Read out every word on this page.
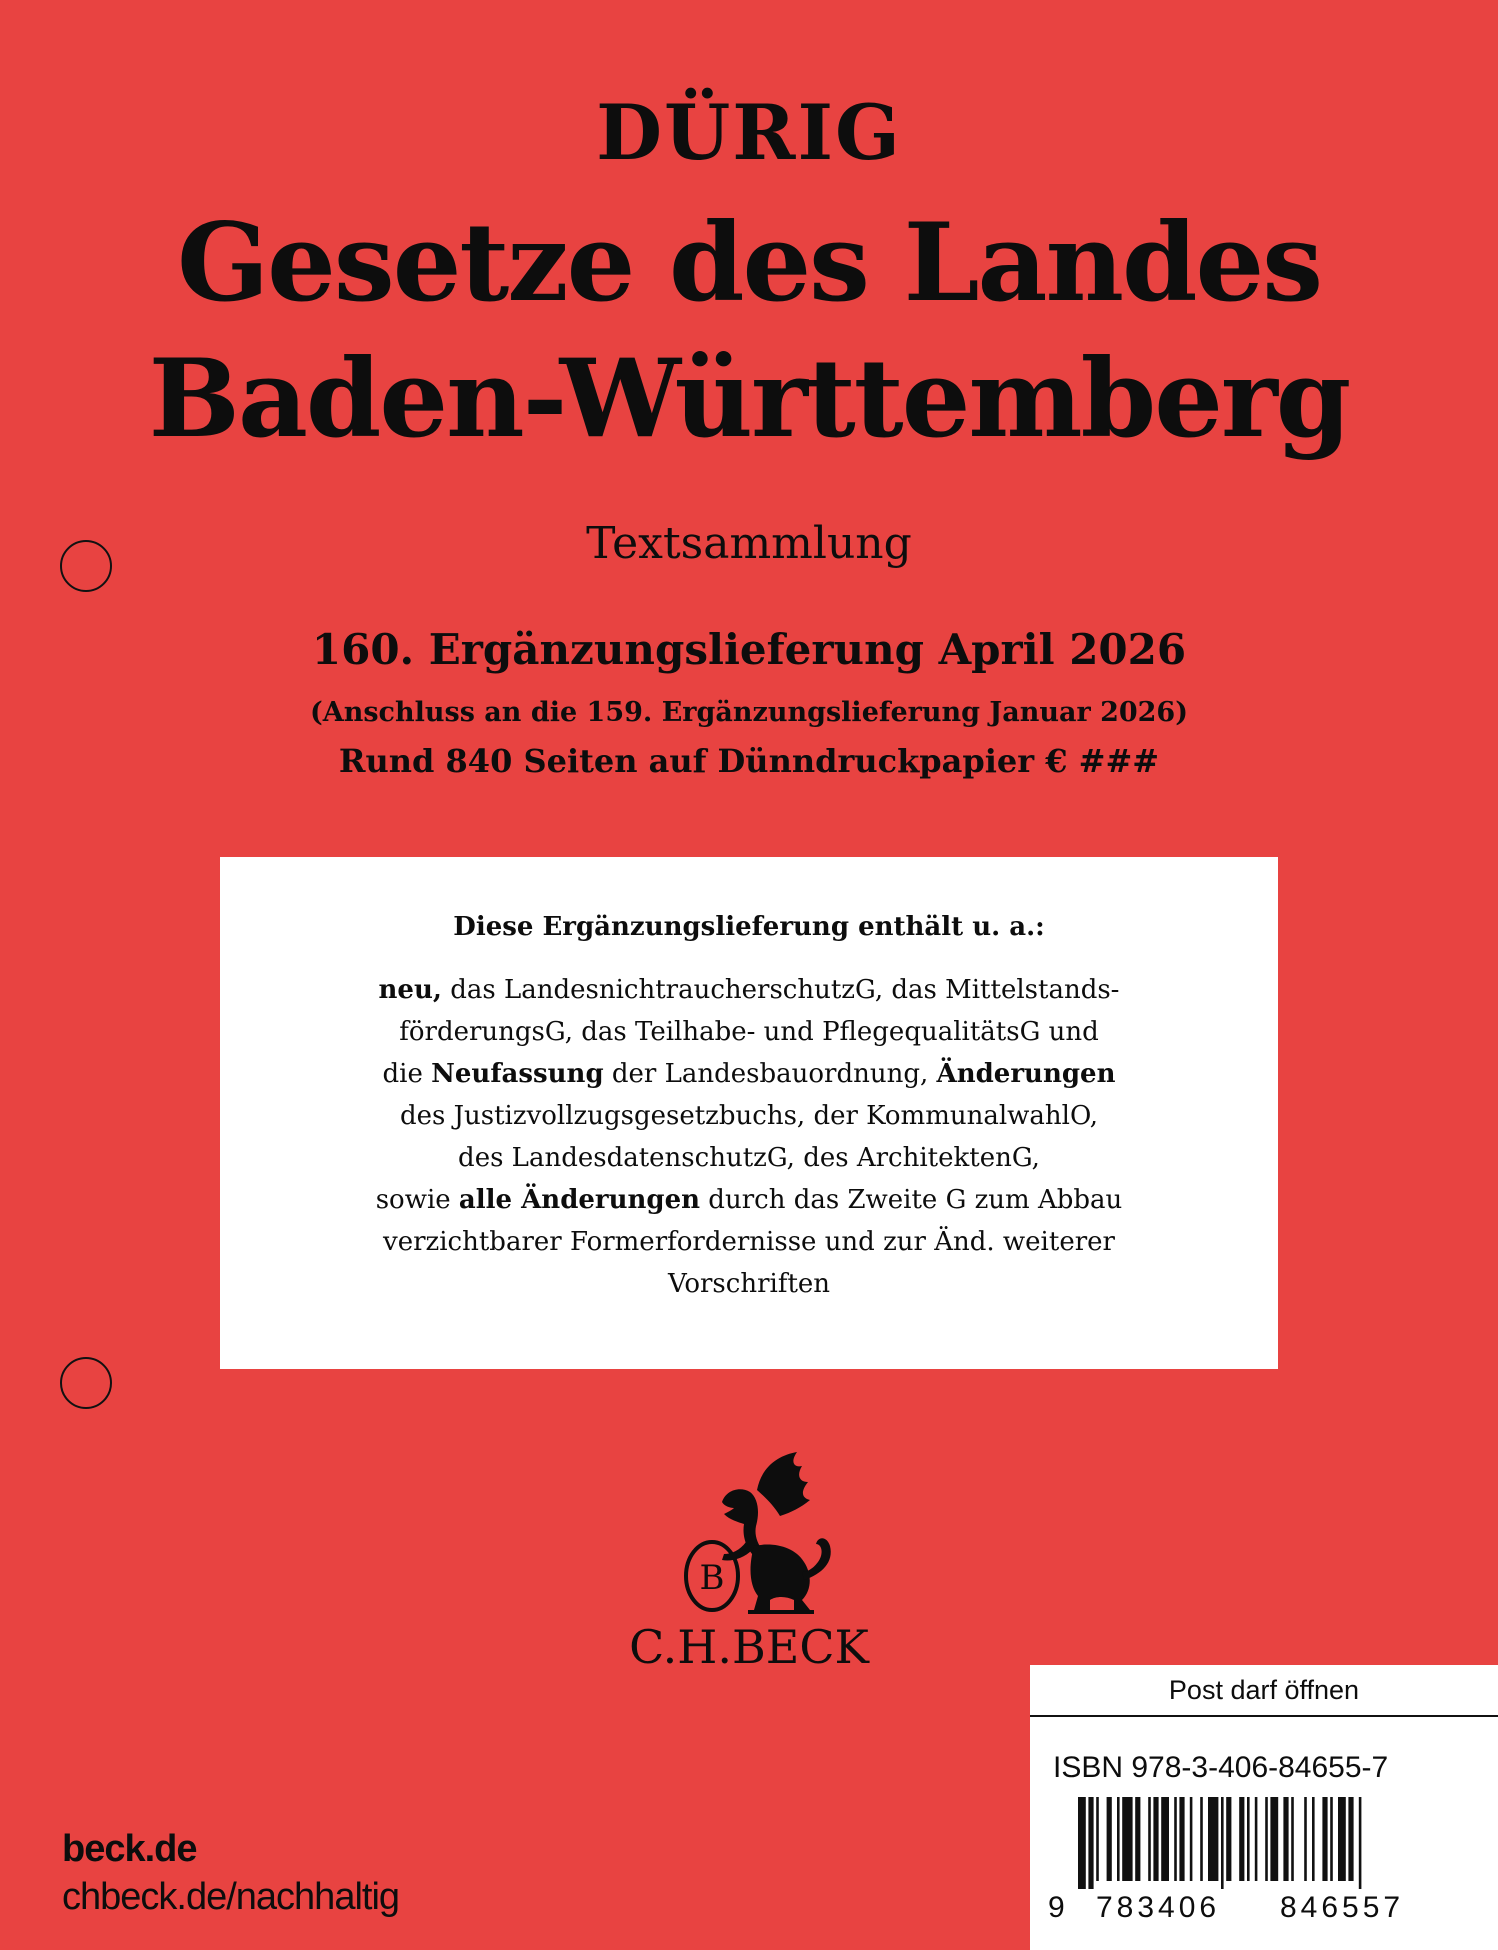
DÜRIG
Gesetze des Landes
Baden-Württemberg
Textsammlung
160. Ergänzungslieferung April 2026
(Anschluss an die 159. Ergänzungslieferung Januar 2026)
Rund 840 Seiten auf Dünndruckpapier € ###
Diese Ergänzungslieferung enthält u. a.:
neu, das LandesnichtraucherschutzG, das Mittelstands-
förderungsG, das Teilhabe- und PflegequalitätsG und
die Neufassung der Landesbauordnung, Änderungen
des Justizvollzugsgesetzbuchs, der KommunalwahlO,
des LandesdatenschutzG, des ArchitektenG,
sowie alle Änderungen durch das Zweite G zum Abbau
verzichtbarer Formerfordernisse und zur Änd. weiterer
Vorschriften
B
C.H.BECK
beck.de
chbeck.de/nachhaltig
Post darf öffnen
ISBN 978-3-406-84655-7
9 783406 846557
